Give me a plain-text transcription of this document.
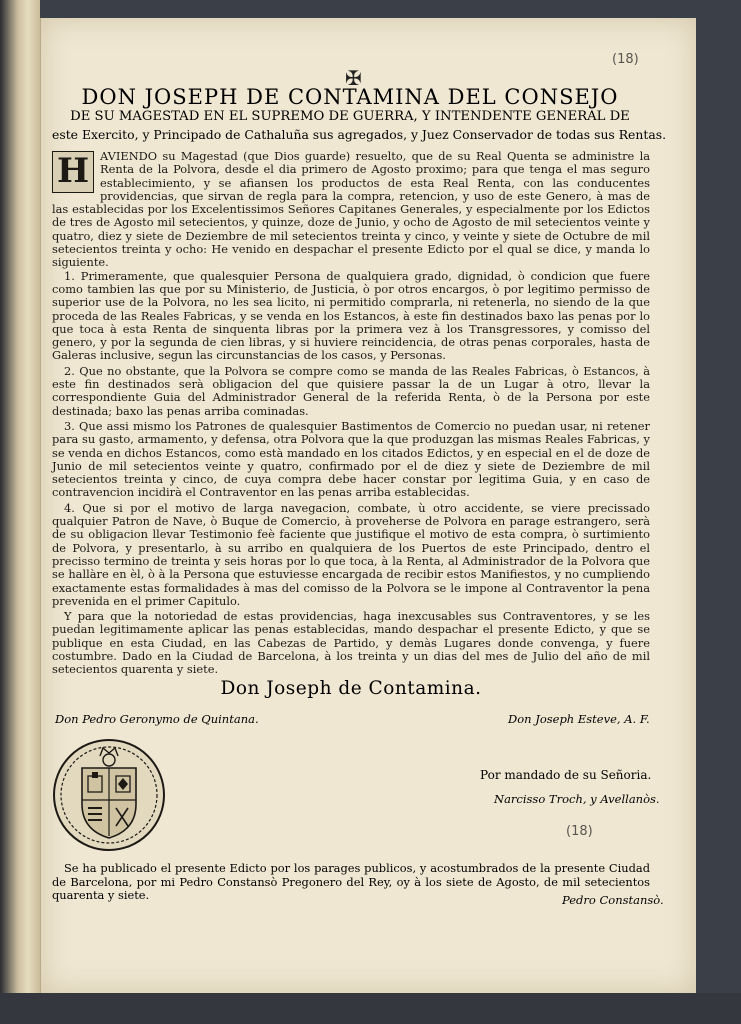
(18)
(18)
✠
DON JOSEPH DE CONTAMINA DEL CONSEJO
DE SU MAGESTAD EN EL SUPREMO DE GUERRA, Y INTENDENTE GENERAL DE
este Exercito, y Principado de Cathaluña sus agregados, y Juez Conservador de todas sus Rentas.
H AVIENDO su Magestad (que Dios guarde) resuelto, que de su Real Quenta se administre la Renta de la Polvora, desde el dia primero de Agosto proximo; para que tenga el mas seguro establecimiento, y se afiansen los productos de esta Real Renta, con las conducentes providencias, que sirvan de regla para la compra, retencion, y uso de este Genero, à mas de las establecidas por los Excelentissimos Señores Capitanes Generales, y especialmente por los Edictos de tres de Agosto mil setecientos, y quinze, doze de Junio, y ocho de Agosto de mil setecientos veinte y quatro, diez y siete de Deziembre de mil setecientos treinta y cinco, y veinte y siete de Octubre de mil setecientos treinta y ocho: He venido en despachar el presente Edicto por el qual se dice, y manda lo siguiente.

1. Primeramente, que qualesquier Persona de qualquiera grado, dignidad, ò condicion que fuere como tambien las que por su Ministerio, de Justicia, ò por otros encargos, ò por legitimo permisso de superior use de la Polvora, no les sea licito, ni permitido comprarla, ni retenerla, no siendo de la que proceda de las Reales Fabricas, y se venda en los Estancos, à este fin destinados baxo las penas por lo que toca à esta Renta de sinquenta libras por la primera vez à los Transgressores, y comisso del genero, y por la segunda de cien libras, y si huviere reincidencia, de otras penas corporales, hasta de Galeras inclusive, segun las circunstancias de los casos, y Personas.

2. Que no obstante, que la Polvora se compre como se manda de las Reales Fabricas, ò Estancos, à este fin destinados serà obligacion del que quisiere passar la de un Lugar à otro, llevar la correspondiente Guia del Administrador General de la referida Renta, ò de la Persona por este destinada; baxo las penas arriba cominadas.

3. Que assi mismo los Patrones de qualesquier Bastimentos de Comercio no puedan usar, ni retener para su gasto, armamento, y defensa, otra Polvora que la que produzgan las mismas Reales Fabricas, y se venda en dichos Estancos, como està mandado en los citados Edictos, y en especial en el de doze de Junio de mil setecientos veinte y quatro, confirmado por el de diez y siete de Deziembre de mil setecientos treinta y cinco, de cuya compra debe hacer constar por legitima Guia, y en caso de contravencion incidirà el Contraventor en las penas arriba establecidas.

4. Que si por el motivo de larga navegacion, combate, ù otro accidente, se viere precissado qualquier Patron de Nave, ò Buque de Comercio, à proveherse de Polvora en parage estrangero, serà de su obligacion llevar Testimonio feè faciente que justifique el motivo de esta compra, ò surtimiento de Polvora, y presentarlo, à su arribo en qualquiera de los Puertos de este Principado, dentro el precisso termino de treinta y seis horas por lo que toca, à la Renta, al Administrador de la Polvora que se hallàre en èl, ò à la Persona que estuviesse encargada de recibir estos Manifiestos, y no cumpliendo exactamente estas formalidades à mas del comisso de la Polvora se le impone al Contraventor la pena prevenida en el primer Capitulo.

Y para que la notoriedad de estas providencias, haga inexcusables sus Contraventores, y se les puedan legitimamente aplicar las penas establecidas, mando despachar el presente Edicto, y que se publique en esta Ciudad, en las Cabezas de Partido, y demàs Lugares donde convenga, y fuere costumbre. Dado en la Ciudad de Barcelona, à los treinta y un dias del mes de Julio del año de mil setecientos quarenta y siete.

Don Joseph de Contamina.
Don Pedro Geronymo de Quintana.	Don Joseph Esteve, A. F.
Por mandado de su Señoria.
Narcisso Troch, y Avellanòs.

Se ha publicado el presente Edicto por los parages publicos, y acostumbrados de la presente Ciudad de Barcelona, por mi Pedro Constansò Pregonero del Rey, oy à los siete de Agosto, de mil setecientos quarenta y siete.	Pedro Constansò.
